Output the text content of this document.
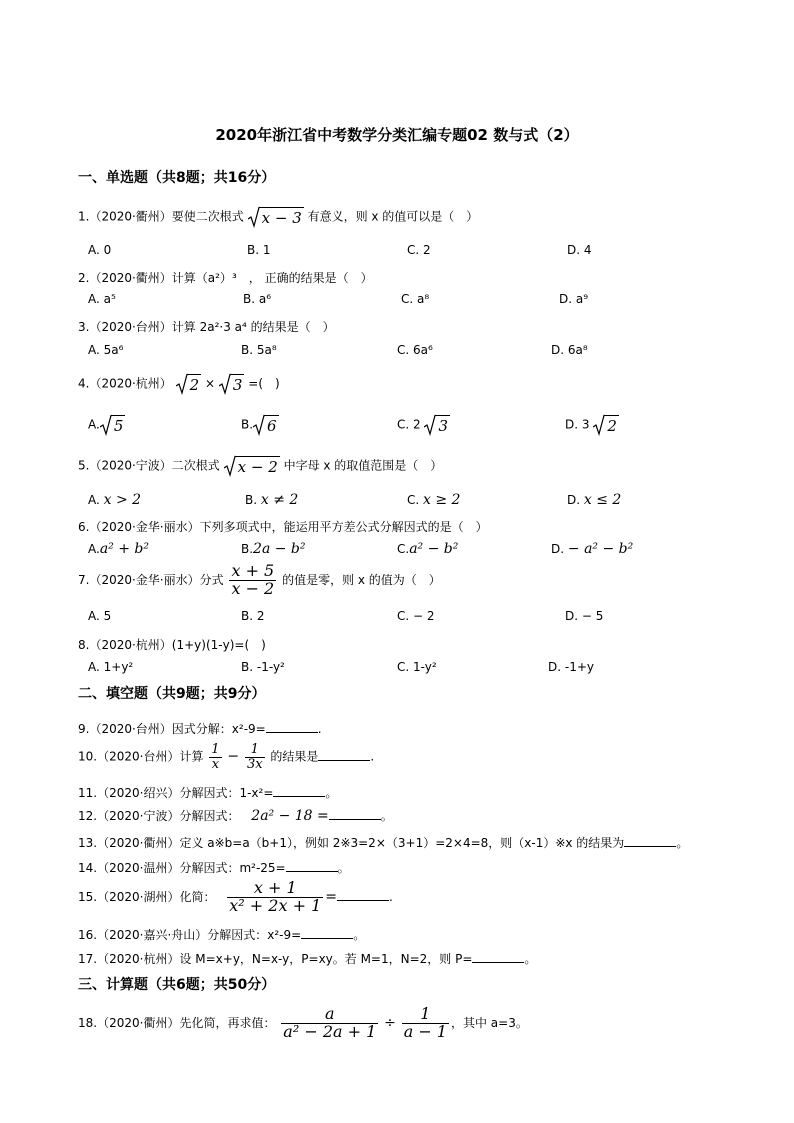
2020年浙江省中考数学分类汇编专题02 数与式（2）
一、单选题（共8题；共16分）
1.（2020·衢州）要使二次根式 x − 3 有意义，则 x 的值可以是（　）
A. 0	B. 1	C. 2	D. 4
2.（2020·衢州）计算（a²）³　， 正确的结果是（　）
A. a⁵	B. a⁶	C. a⁸	D. a⁹
3.（2020·台州）计算 2a²·3 a⁴ 的结果是（　）
A. 5a⁶	B. 5a⁸	C. 6a⁶	D. 6a⁸
4.（2020·杭州） 2 × 3 =(　)
A. 5	B. 6	C. 2 3	D. 3 2
5.（2020·宁波）二次根式 x − 2 中字母 x 的取值范围是（　）
A. x > 2	B. x ≠ 2	C. x ≥ 2	D. x ≤ 2
6.（2020·金华·丽水）下列多项式中，能运用平方差公式分解因式的是（　）
A.a² + b²	B.2a − b²	C.a² − b²	D. − a² − b²
7.（2020·金华·丽水）分式 $\frac{x + 5}{x - 2}$ 的值是零，则 x 的值为（　）
A. 5	B. 2	C. − 2	D. − 5
8.（2020·杭州）(1+y)(1-y)=(　)
A. 1+y²	B. -1-y²	C. 1-y²	D. -1+y
二、填空题（共9题；共9分）
9.（2020·台州）因式分解：x²-9=	.
10.（2020·台州）计算 $\frac{1}{x} - \frac{1}{3x}$ 的结果是	.
11.（2020·绍兴）分解因式：1-x²=	。
12.（2020·宁波）分解因式： 2a² − 18 =	。
13.（2020·衢州）定义 a※b=a（b+1），例如 2※3=2×（3+1）=2×4=8，则（x-1）※x 的结果为	。
14.（2020·温州）分解因式：m²-25=	。
15.（2020·湖州）化简： $\frac{x + 1}{\text{x² + 2x + 1}}$ =	.
16.（2020·嘉兴·舟山）分解因式：x²-9=	。
17.（2020·杭州）设 M=x+y，N=x-y，P=xy。若 M=1，N=2，则 P=	。
三、计算题（共6题；共50分）
18.（2020·衢州）先化简，再求值： $\frac{a}{\text{a² − 2a + 1}} \div \frac{1}{a - 1}$ ，其中 a=3。
